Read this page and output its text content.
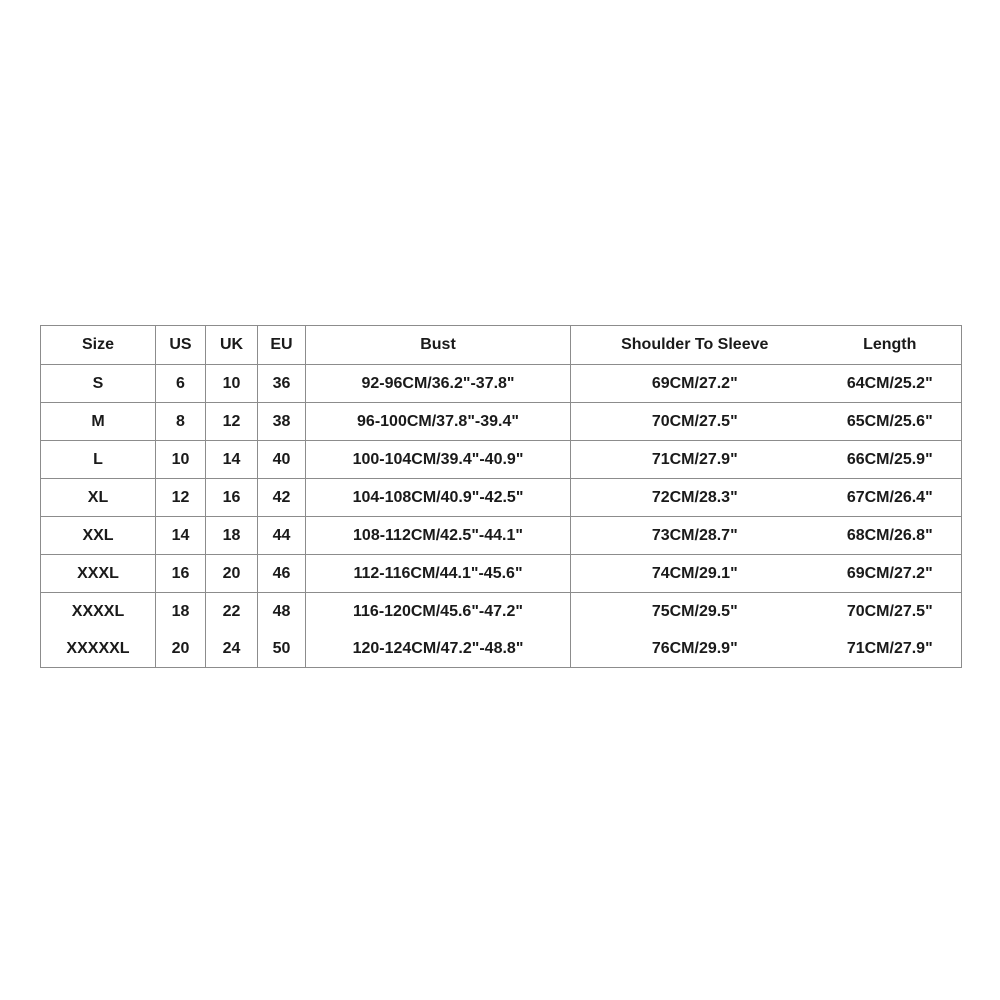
Size	US	UK	EU	Bust	Shoulder To Sleeve	Length
S	6	10	36	92-96CM/36.2"-37.8"	69CM/27.2"	64CM/25.2"
M	8	12	38	96-100CM/37.8"-39.4"	70CM/27.5"	65CM/25.6"
L	10	14	40	100-104CM/39.4"-40.9"	71CM/27.9"	66CM/25.9"
XL	12	16	42	104-108CM/40.9"-42.5"	72CM/28.3"	67CM/26.4"
XXL	14	18	44	108-112CM/42.5"-44.1"	73CM/28.7"	68CM/26.8"
XXXL	16	20	46	112-116CM/44.1"-45.6"	74CM/29.1"	69CM/27.2"
XXXXL	18	22	48	116-120CM/45.6"-47.2"	75CM/29.5"	70CM/27.5"
XXXXXL	20	24	50	120-124CM/47.2"-48.8"	76CM/29.9"	71CM/27.9"
